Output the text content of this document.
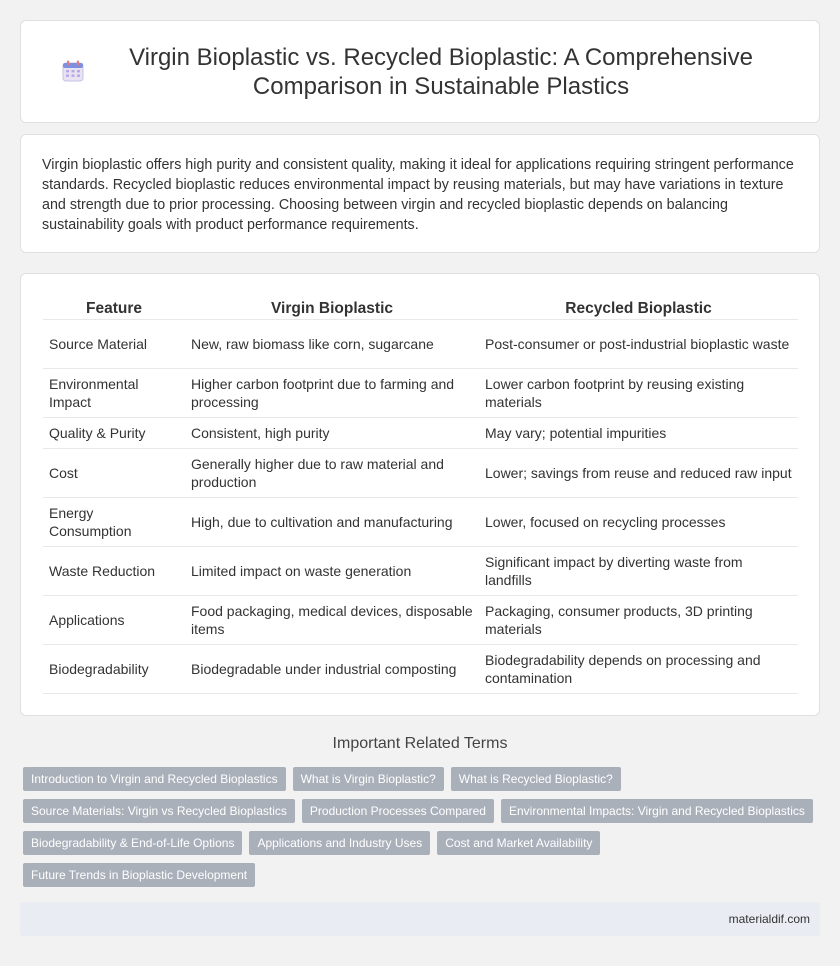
Virgin Bioplastic vs. Recycled Bioplastic: A Comprehensive Comparison in Sustainable Plastics

Virgin bioplastic offers high purity and consistent quality, making it ideal for applications requiring stringent performance standards. Recycled bioplastic reduces environmental impact by reusing materials, but may have variations in texture and strength due to prior processing. Choosing between virgin and recycled bioplastic depends on balancing sustainability goals with product performance requirements.

Feature	Virgin Bioplastic	Recycled Bioplastic
Source Material	New, raw biomass like corn, sugarcane	Post-consumer or post-industrial bioplastic waste
Environmental Impact	Higher carbon footprint due to farming and processing	Lower carbon footprint by reusing existing materials
Quality & Purity	Consistent, high purity	May vary; potential impurities
Cost	Generally higher due to raw material and production	Lower; savings from reuse and reduced raw input
Energy Consumption	High, due to cultivation and manufacturing	Lower, focused on recycling processes
Waste Reduction	Limited impact on waste generation	Significant impact by diverting waste from landfills
Applications	Food packaging, medical devices, disposable items	Packaging, consumer products, 3D printing materials
Biodegradability	Biodegradable under industrial composting	Biodegradability depends on processing and contamination
Important Related Terms
Introduction to Virgin and Recycled Bioplastics	What is Virgin Bioplastic?	What is Recycled Bioplastic?
Source Materials: Virgin vs Recycled Bioplastics	Production Processes Compared	Environmental Impacts: Virgin and Recycled Bioplastics
Biodegradability & End-of-Life Options	Applications and Industry Uses	Cost and Market Availability
Future Trends in Bioplastic Development
materialdif.com
